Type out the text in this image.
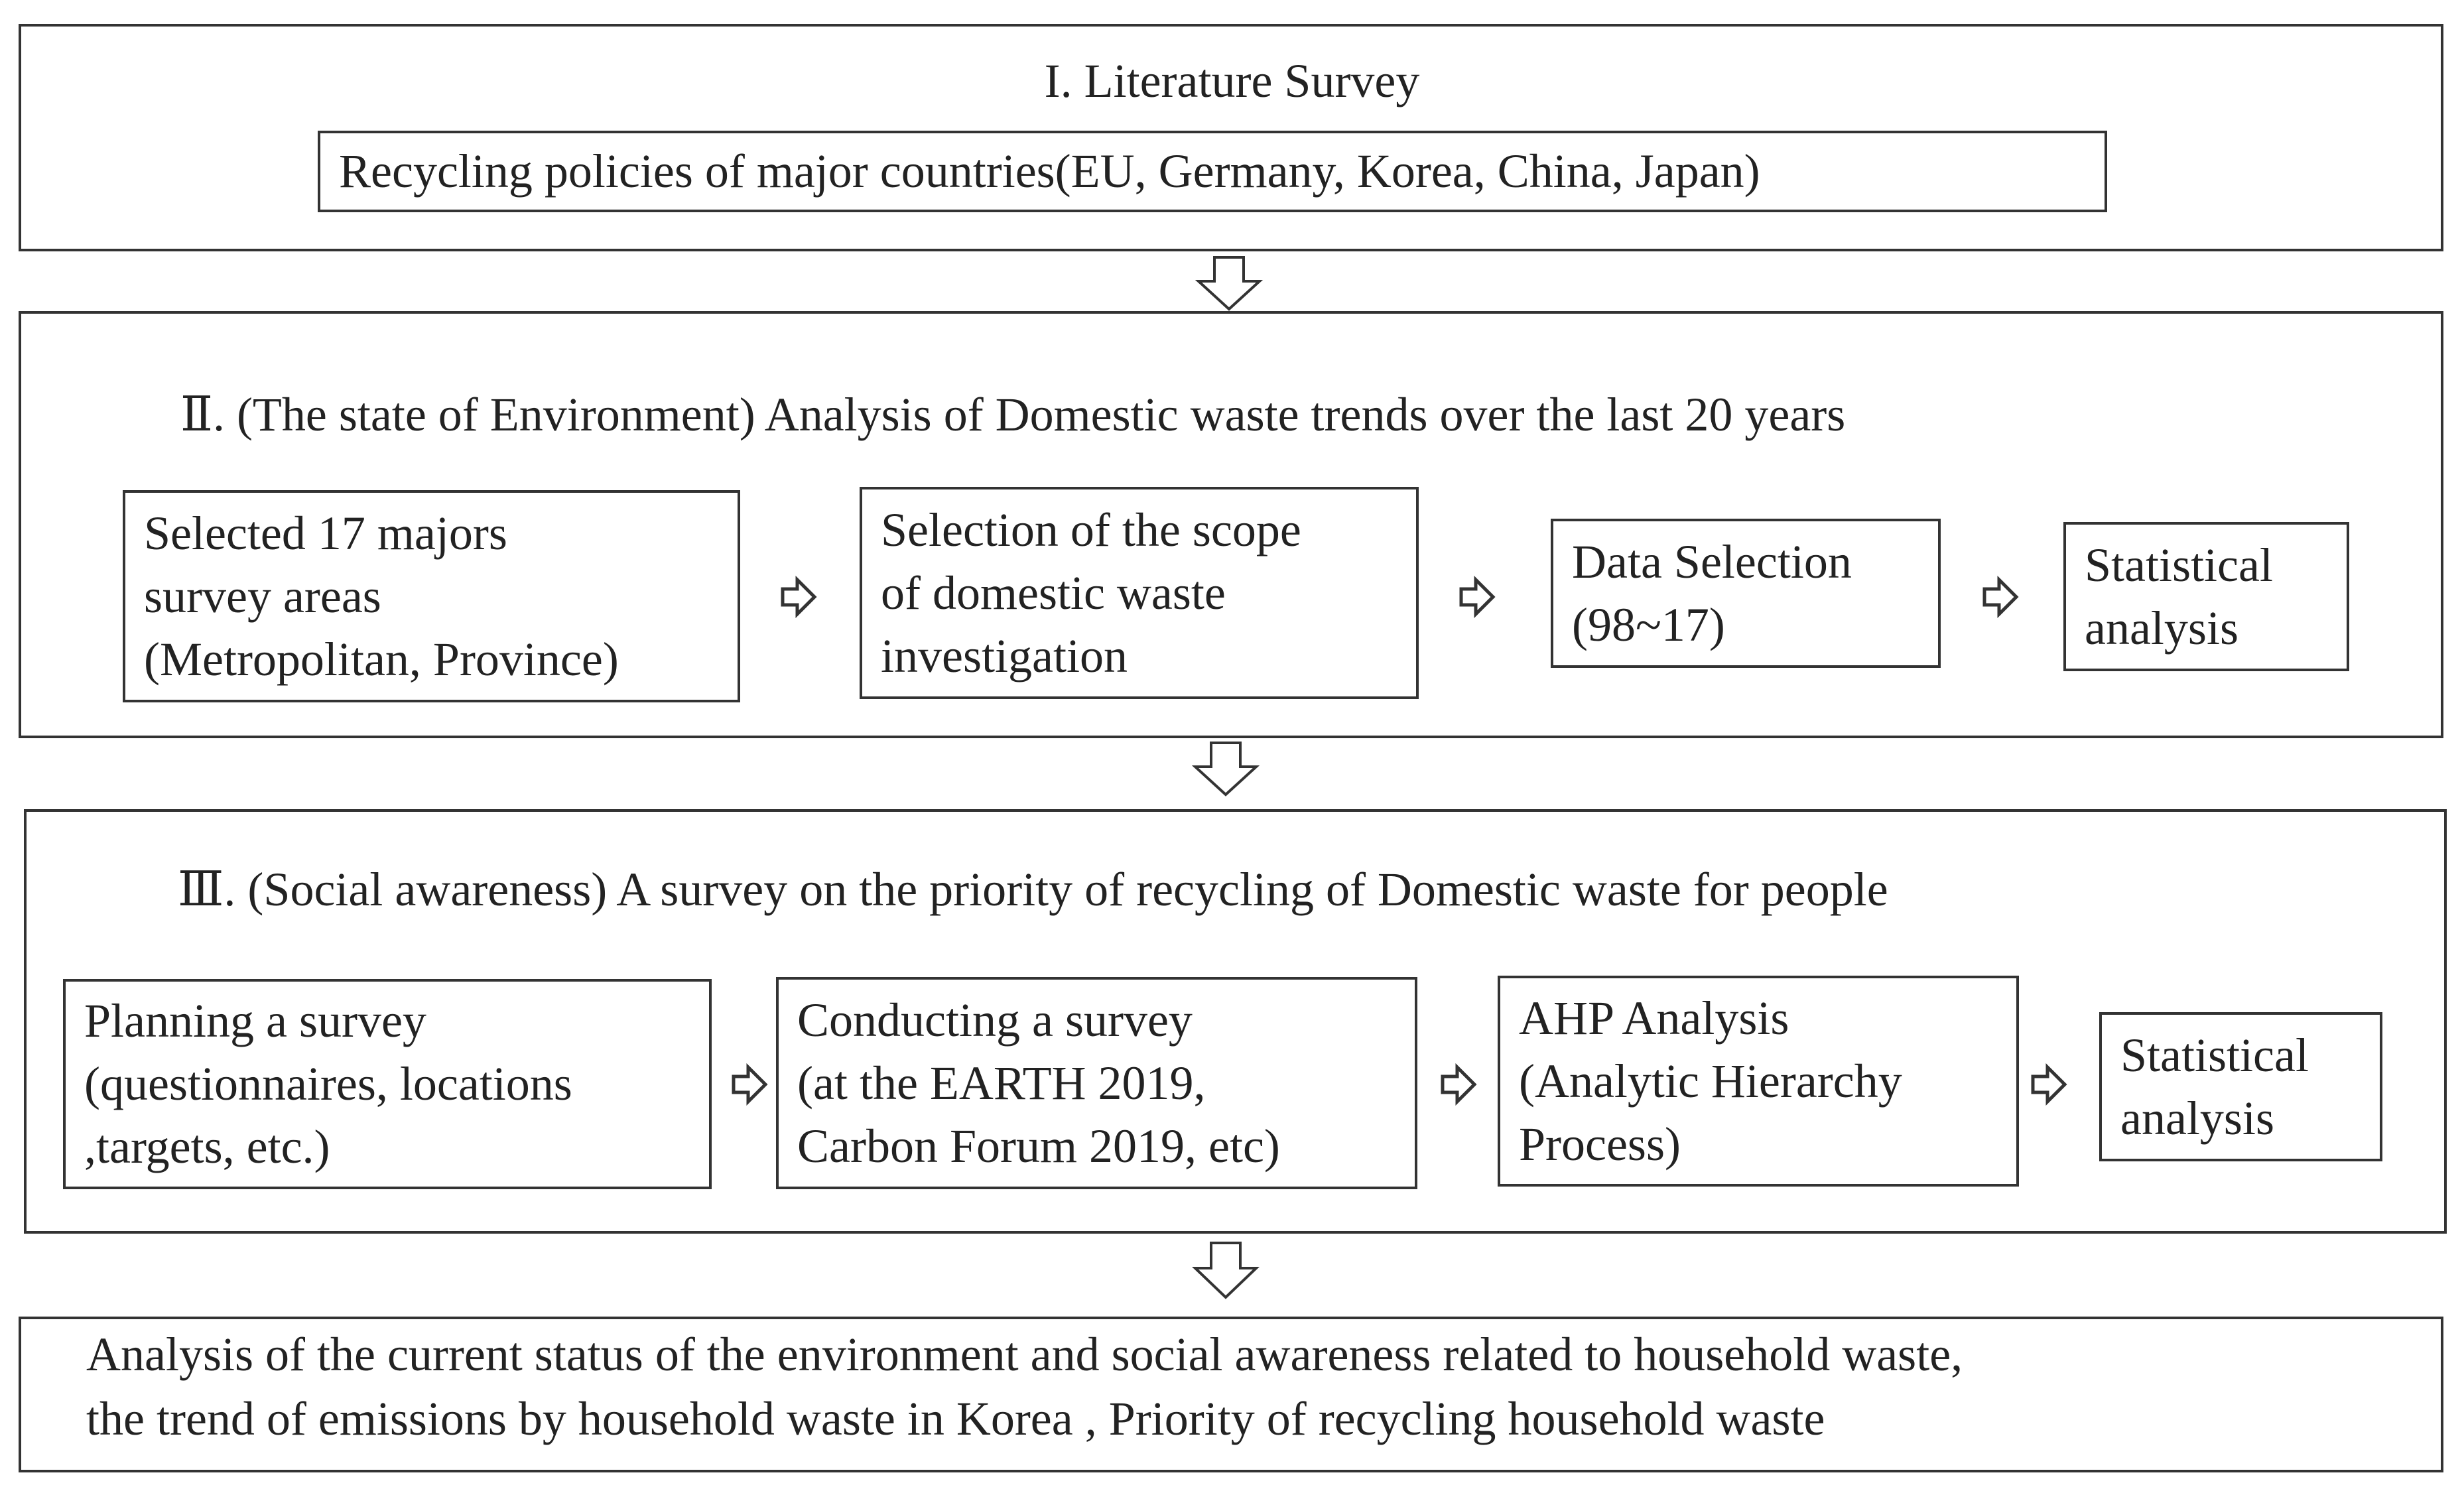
I. Literature Survey
Recycling policies of major countries(EU, Germany, Korea, China, Japan)
Ⅱ. (The state of Environment) Analysis of Domestic waste trends over the last 20 years
Selected 17 majors
survey areas
(Metropolitan, Province)
Selection of the scope
of domestic waste
investigation
Data Selection
(98~17)
Statistical
analysis
Ⅲ. (Social awareness) A survey on the priority of recycling of Domestic waste for people
Planning a survey
(questionnaires, locations
,targets, etc.)
Conducting a survey
(at the EARTH 2019,
Carbon Forum 2019, etc)
AHP Analysis
(Analytic Hierarchy
Process)
Statistical
analysis
Analysis of the current status of the environment and social awareness related to household waste,
the trend of emissions by household waste in Korea , Priority of recycling household waste
